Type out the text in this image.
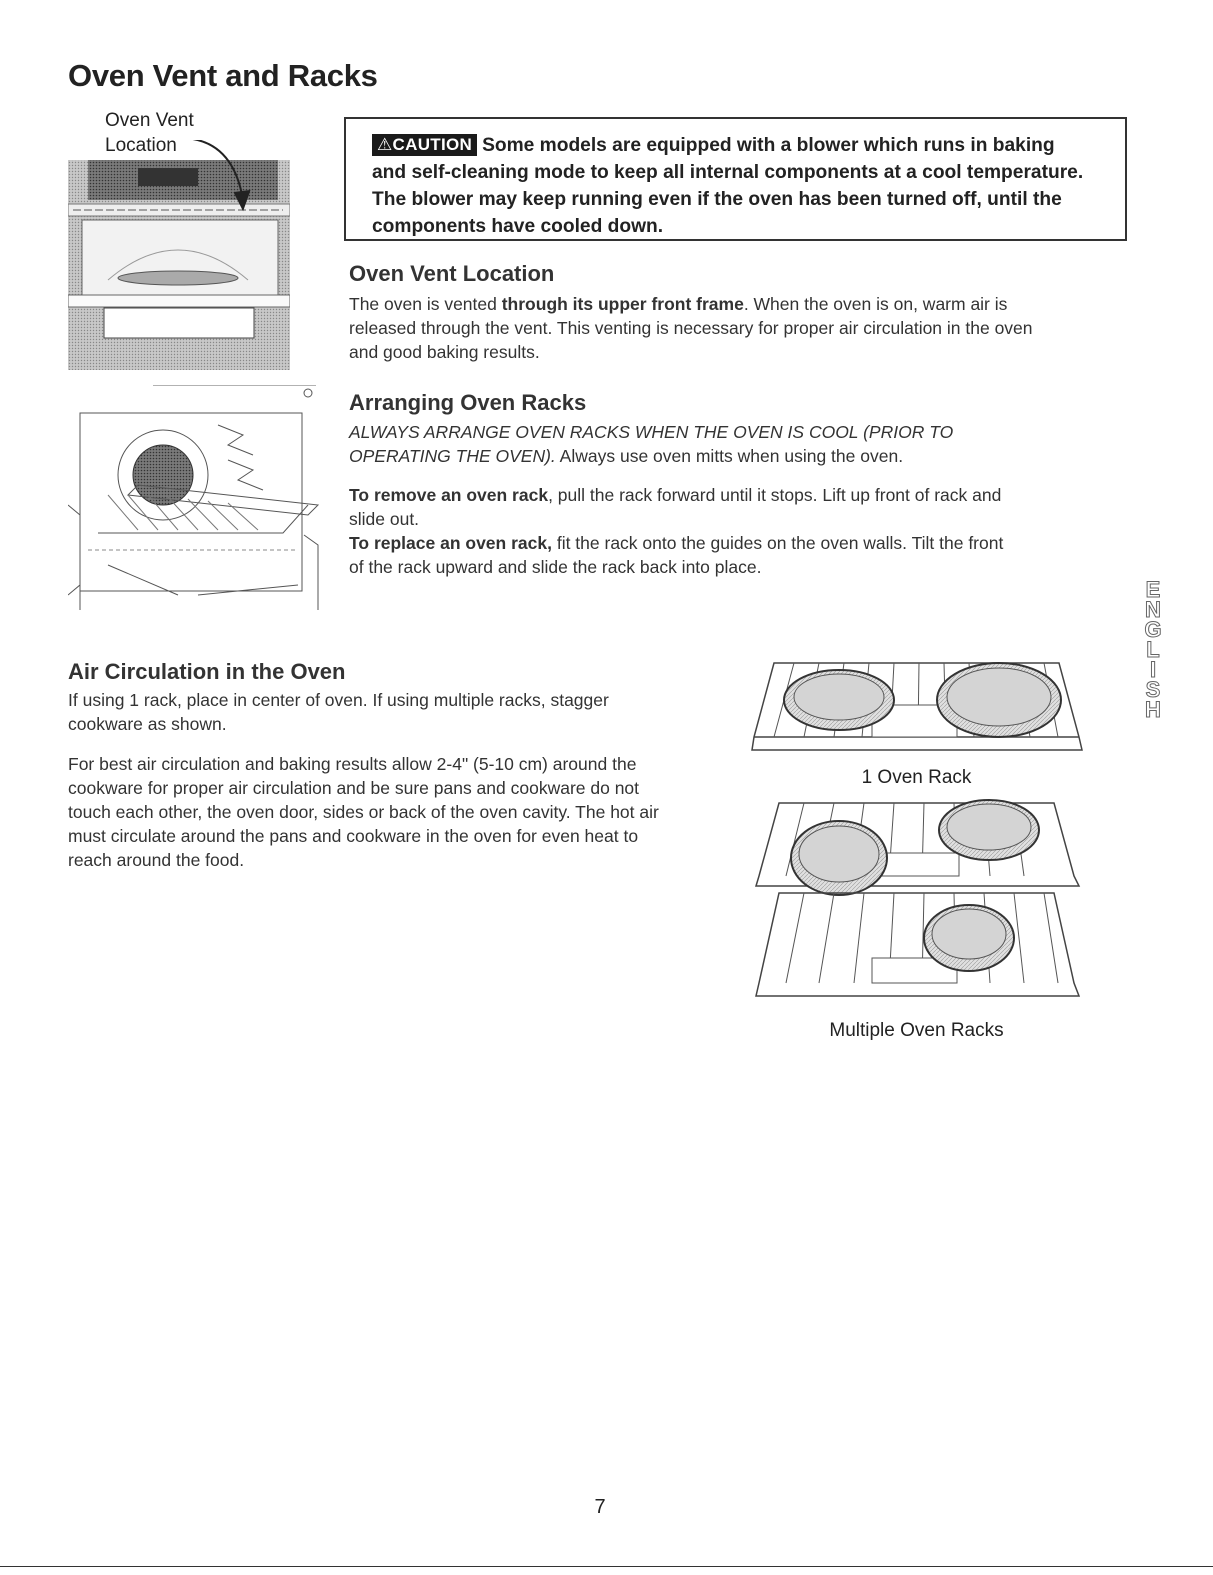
Oven Vent and Racks
Oven Vent
Location	⚠CAUTION Some models are equipped with a blower which runs in baking
and self-cleaning mode to keep all internal components at a cool temperature.
The blower may keep running even if the oven has been turned off, until the
components have cooled down.
Oven Vent Location

The oven is vented through its upper front frame. When the oven is on, warm air is
released through the vent. This venting is necessary for proper air circulation in the oven
and good baking results.

Arranging Oven Racks

ALWAYS ARRANGE OVEN RACKS WHEN THE OVEN IS COOL (PRIOR TO
OPERATING THE OVEN). Always use oven mitts when using the oven.

To remove an oven rack, pull the rack forward until it stops. Lift up front of rack and
slide out.

To replace an oven rack, fit the rack onto the guides on the oven walls. Tilt the front
of the rack upward and slide the rack back into place.

Air Circulation in the Oven

If using 1 rack, place in center of oven. If using multiple racks, stagger
cookware as shown.

For best air circulation and baking results allow 2-4" (5-10 cm) around the
cookware for proper air circulation and be sure pans and cookware do not
touch each other, the oven door, sides or back of the oven cavity. The hot air
must circulate around the pans and cookware in the oven for even heat to
reach around the food.

1 Oven Rack
Multiple Oven Racks
E
N
G
L
I
S
H
7
